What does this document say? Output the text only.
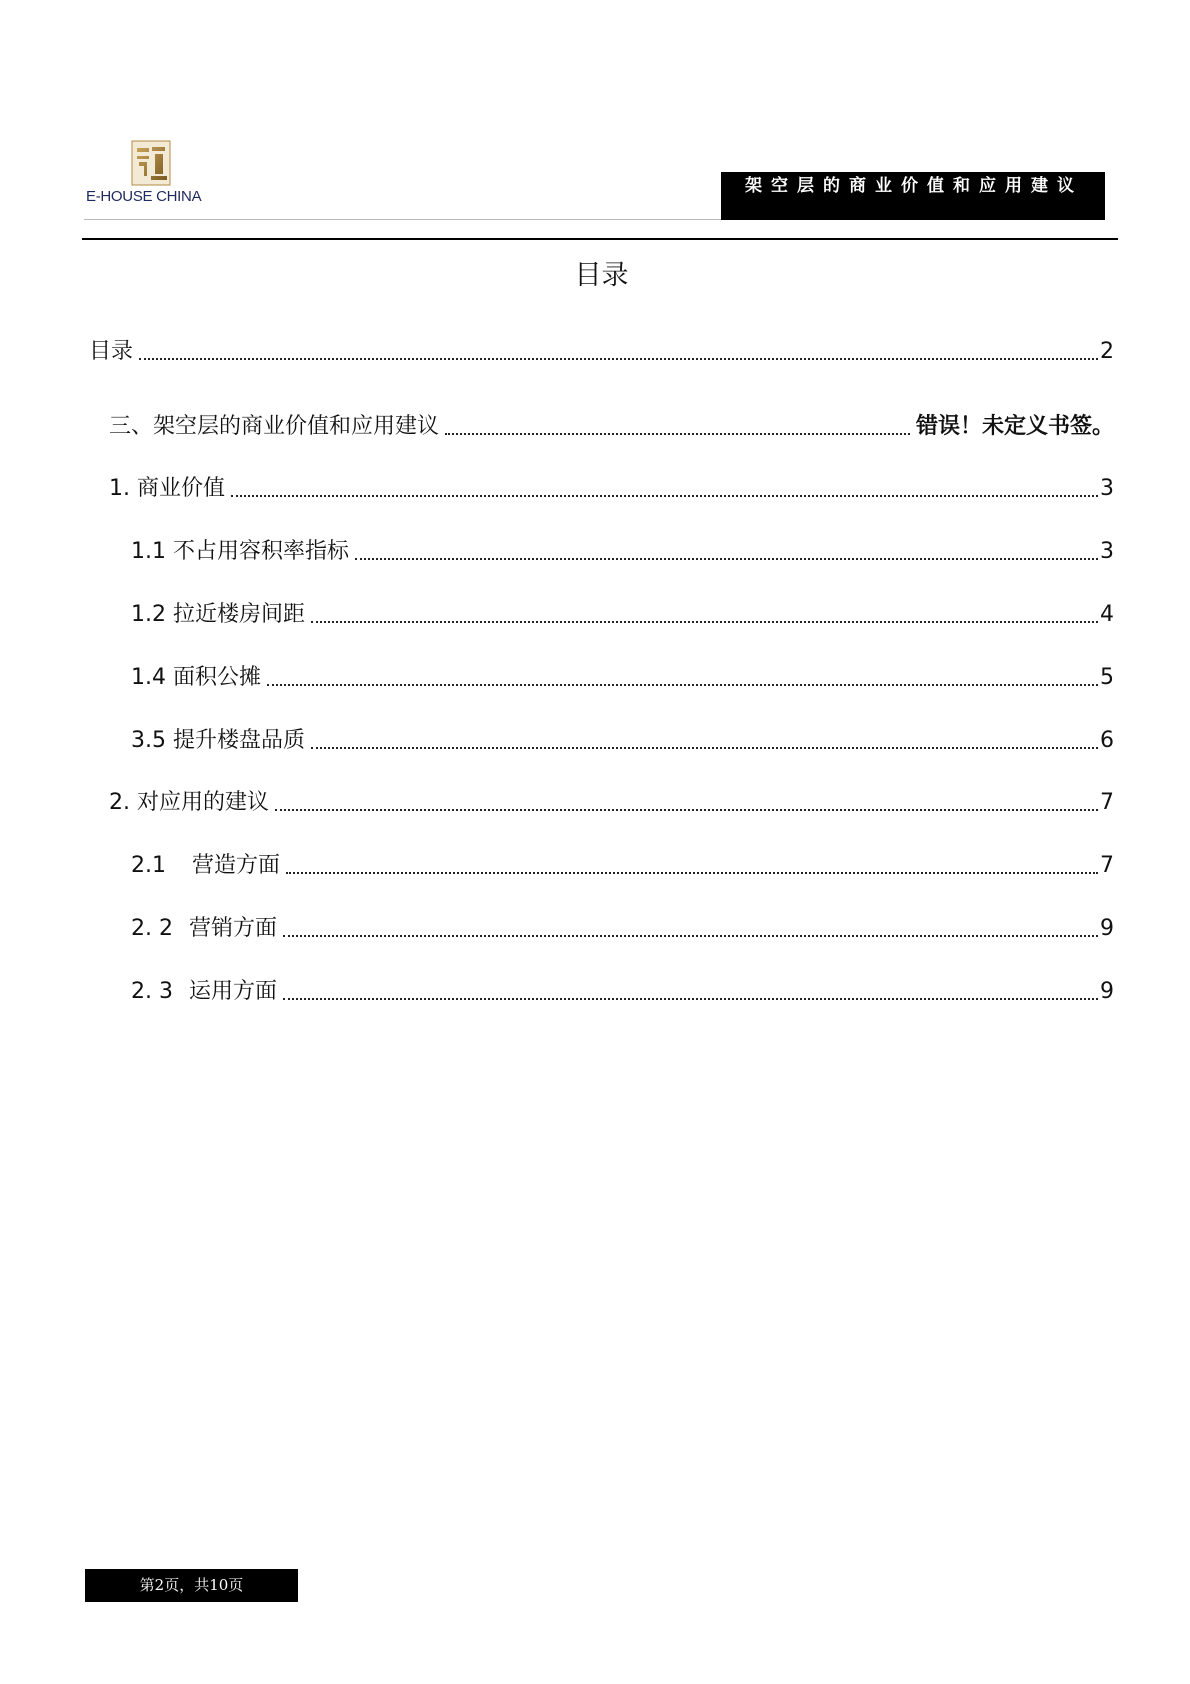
E-HOUSE CHINA
架空层的商业价值和应用建议
目录
目录	2
三、架空层的商业价值和应用建议	错误！未定义书签。
1. 商业价值	3
1.1 不占用容积率指标	3
1.2 拉近楼房间距	4
1.4 面积公摊	5
3.5 提升楼盘品质	6
2. 对应用的建议	7
2.1 营造方面	7
2. 2 营销方面	9
2. 3 运用方面	9
第2页，共10页
